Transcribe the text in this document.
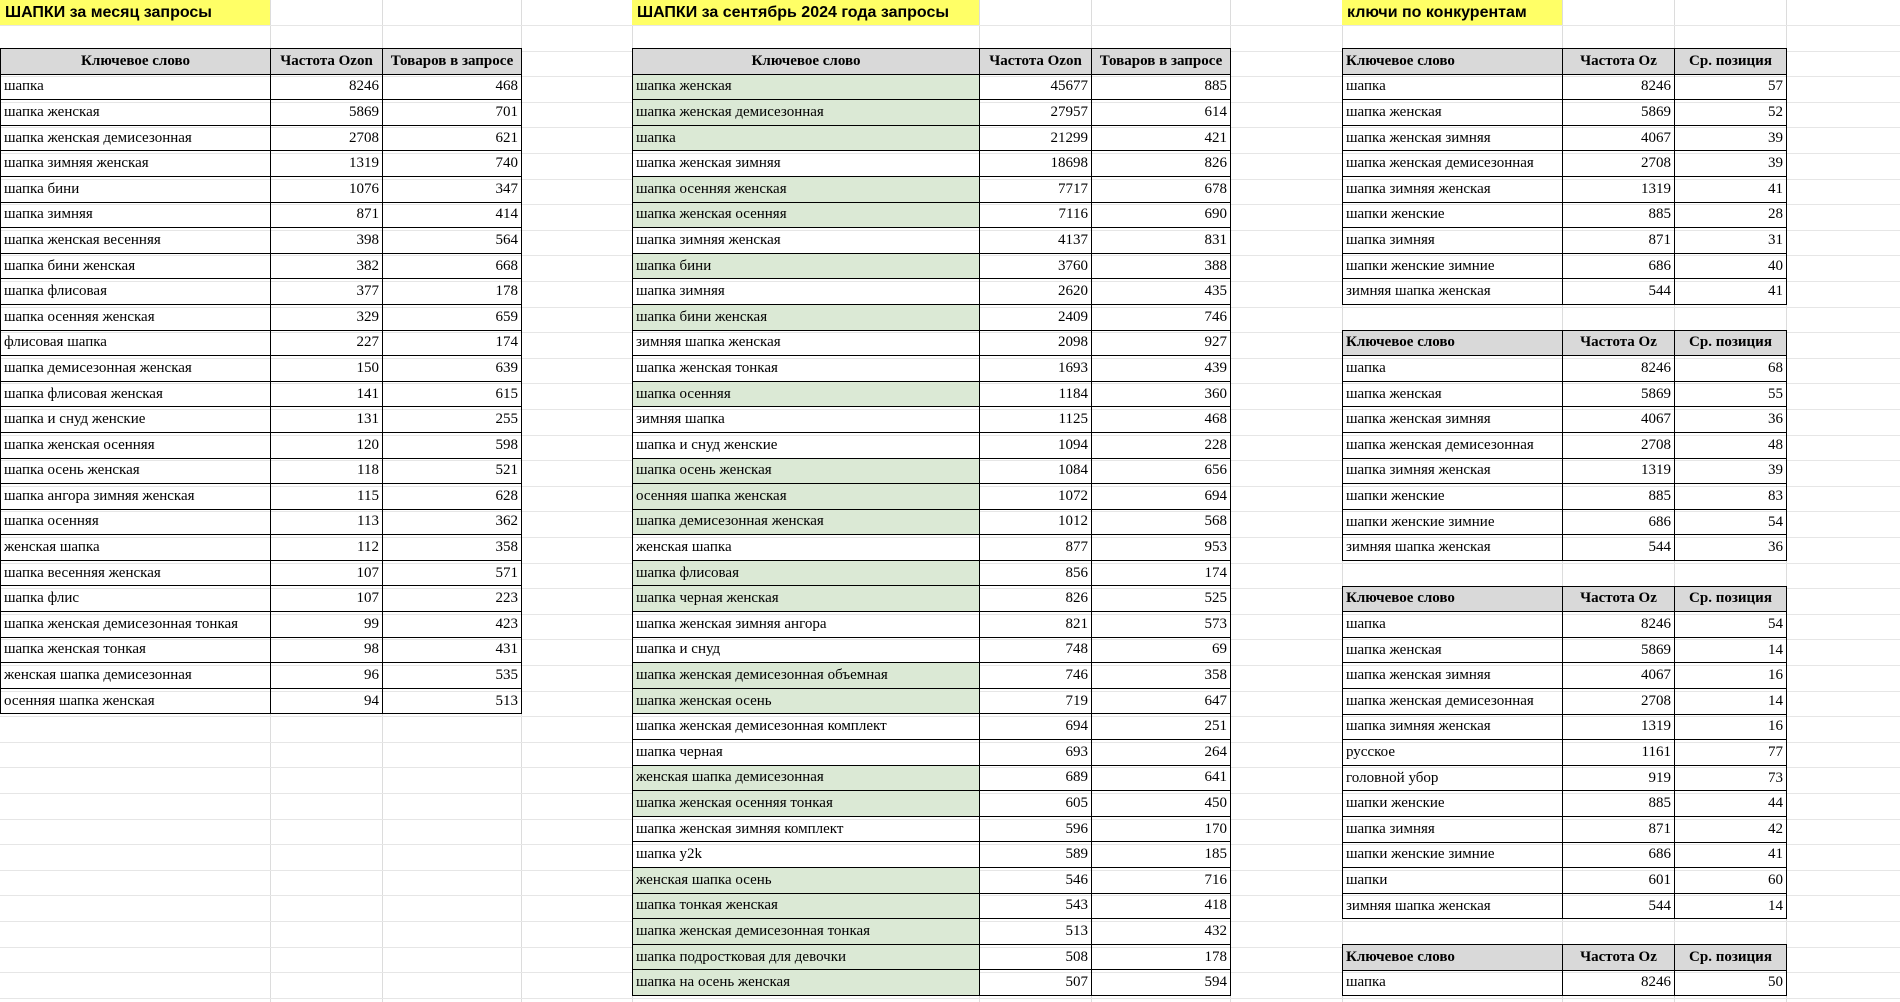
ШАПКИ за месяц запросы	ШАПКИ за сентябрь 2024 года запросы	ключи по конкурентам
Ключевое слово	Частота Ozon	Товаров в запросе
шапка	8246	468
шапка женская	5869	701
шапка женская демисезонная	2708	621
шапка зимняя женская	1319	740
шапка бини	1076	347
шапка зимняя	871	414
шапка женская весенняя	398	564
шапка бини женская	382	668
шапка флисовая	377	178
шапка осенняя женская	329	659
флисовая шапка	227	174
шапка демисезонная женская	150	639
шапка флисовая женская	141	615
шапка и снуд женские	131	255
шапка женская осенняя	120	598
шапка осень женская	118	521
шапка ангора зимняя женская	115	628
шапка осенняя	113	362
женская шапка	112	358
шапка весенняя женская	107	571
шапка флис	107	223
шапка женская демисезонная тонкая	99	423
шапка женская тонкая	98	431
женская шапка демисезонная	96	535
осенняя шапка женская	94	513
Ключевое слово	Частота Ozon	Товаров в запросе
шапка женская	45677	885
шапка женская демисезонная	27957	614
шапка	21299	421
шапка женская зимняя	18698	826
шапка осенняя женская	7717	678
шапка женская осенняя	7116	690
шапка зимняя женская	4137	831
шапка бини	3760	388
шапка зимняя	2620	435
шапка бини женская	2409	746
зимняя шапка женская	2098	927
шапка женская тонкая	1693	439
шапка осенняя	1184	360
зимняя шапка	1125	468
шапка и снуд женские	1094	228
шапка осень женская	1084	656
осенняя шапка женская	1072	694
шапка демисезонная женская	1012	568
женская шапка	877	953
шапка флисовая	856	174
шапка черная женская	826	525
шапка женская зимняя ангора	821	573
шапка и снуд	748	69
шапка женская демисезонная объемная	746	358
шапка женская осень	719	647
шапка женская демисезонная комплект	694	251
шапка черная	693	264
женская шапка демисезонная	689	641
шапка женская осенняя тонкая	605	450
шапка женская зимняя комплект	596	170
шапка y2k	589	185
женская шапка осень	546	716
шапка тонкая женская	543	418
шапка женская демисезонная тонкая	513	432
шапка подростковая для девочки	508	178
шапка на осень женская	507	594
Ключевое слово	Частота Oz	Ср. позиция
шапка	8246	57
шапка женская	5869	52
шапка женская зимняя	4067	39
шапка женская демисезонная	2708	39
шапка зимняя женская	1319	41
шапки женские	885	28
шапка зимняя	871	31
шапки женские зимние	686	40
зимняя шапка женская	544	41
Ключевое слово	Частота Oz	Ср. позиция
шапка	8246	68
шапка женская	5869	55
шапка женская зимняя	4067	36
шапка женская демисезонная	2708	48
шапка зимняя женская	1319	39
шапки женские	885	83
шапки женские зимние	686	54
зимняя шапка женская	544	36
Ключевое слово	Частота Oz	Ср. позиция
шапка	8246	54
шапка женская	5869	14
шапка женская зимняя	4067	16
шапка женская демисезонная	2708	14
шапка зимняя женская	1319	16
русское	1161	77
головной убор	919	73
шапки женские	885	44
шапка зимняя	871	42
шапки женские зимние	686	41
шапки	601	60
зимняя шапка женская	544	14
Ключевое слово	Частота Oz	Ср. позиция
шапка	8246	50
